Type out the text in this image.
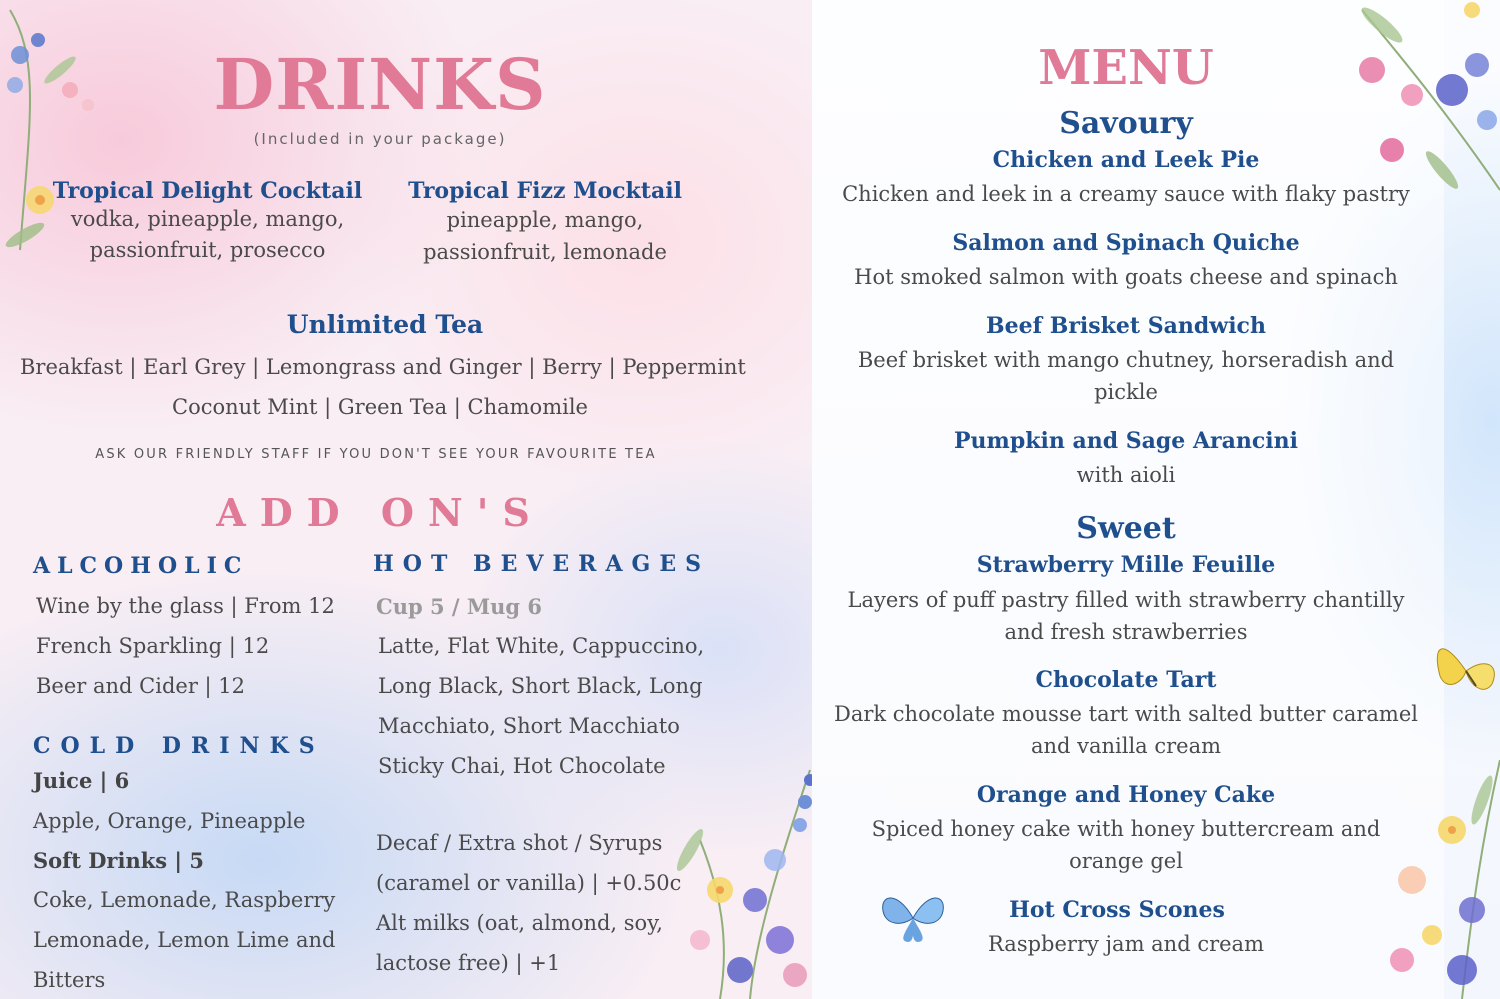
DRINKS
(Included in your package)
Tropical Delight Cocktail
vodka, pineapple, mango,
passionfruit, prosecco
Tropical Fizz Mocktail
pineapple, mango,
passionfruit, lemonade
Unlimited Tea
Breakfast | Earl Grey | Lemongrass and Ginger | Berry | Peppermint
Coconut Mint | Green Tea | Chamomile
ASK OUR FRIENDLY STAFF IF YOU DON'T SEE YOUR FAVOURITE TEA
ADD ON'S
ALCOHOLIC
Wine by the glass | From 12
French Sparkling | 12
Beer and Cider | 12
COLD DRINKS
Juice | 6
Apple, Orange, Pineapple
Soft Drinks | 5
Coke, Lemonade, Raspberry
Lemonade, Lemon Lime and
Bitters
HOT BEVERAGES
Cup 5 / Mug 6
Latte, Flat White, Cappuccino,
Long Black, Short Black, Long
Macchiato, Short Macchiato
Sticky Chai, Hot Chocolate
Decaf / Extra shot / Syrups
(caramel or vanilla) | +0.50c
Alt milks (oat, almond, soy,
lactose free) | +1
MENU
Savoury
Chicken and Leek Pie
Chicken and leek in a creamy sauce with flaky pastry
Salmon and Spinach Quiche
Hot smoked salmon with goats cheese and spinach
Beef Brisket Sandwich
Beef brisket with mango chutney, horseradish and
pickle
Pumpkin and Sage Arancini
with aioli
Sweet
Strawberry Mille Feuille
Layers of puff pastry filled with strawberry chantilly
and fresh strawberries
Chocolate Tart
Dark chocolate mousse tart with salted butter caramel
and vanilla cream
Orange and Honey Cake
Spiced honey cake with honey buttercream and
orange gel
Hot Cross Scones
Raspberry jam and cream
